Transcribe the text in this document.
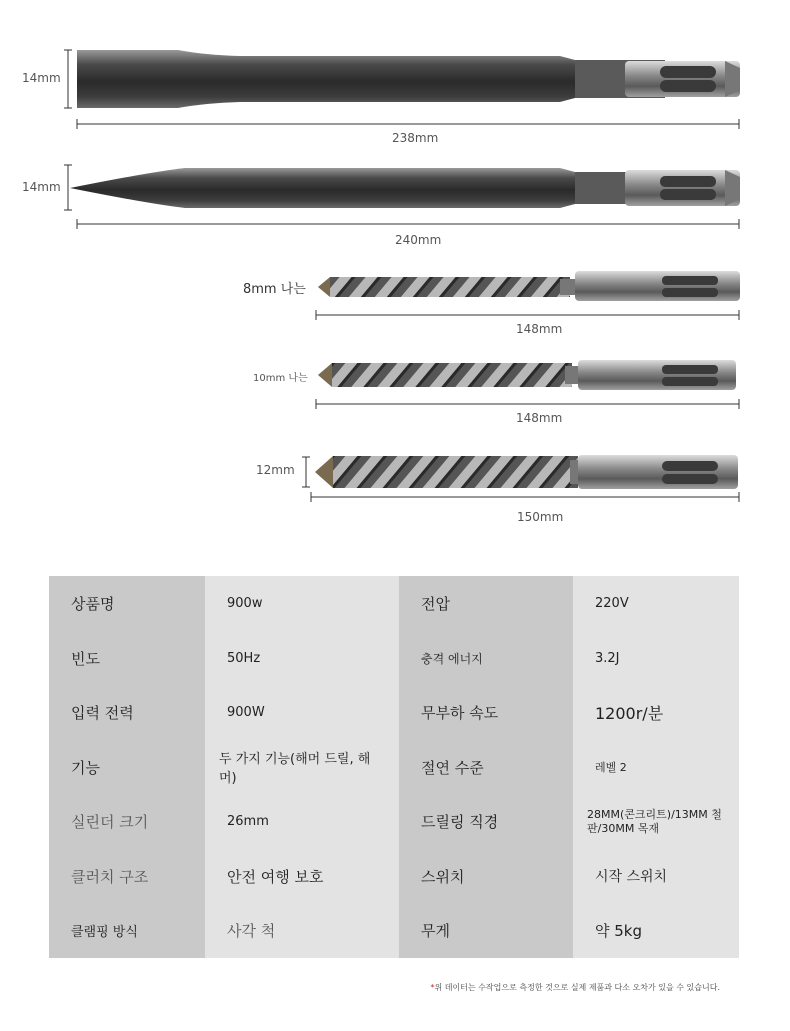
14mm
238mm
14mm
240mm
8mm 나는
148mm
10mm 나는
148mm
12mm
150mm
상품명	900w	전압	220V
빈도	50Hz	충격 에너지	3.2J
입력 전력	900W	무부하 속도	1200r/분
기능	두 가지 기능(해머 드릴, 해머)	절연 수준	레벨 2
실린더 크기	26mm	드릴링 직경	28MM(콘크리트)/13MM 철판/30MM 목재
클러치 구조	안전 여행 보호	스위치	시작 스위치
클램핑 방식	사각 척	무게	약 5kg
*위 데이터는 수작업으로 측정한 것으로 실제 제품과 다소 오차가 있을 수 있습니다.
